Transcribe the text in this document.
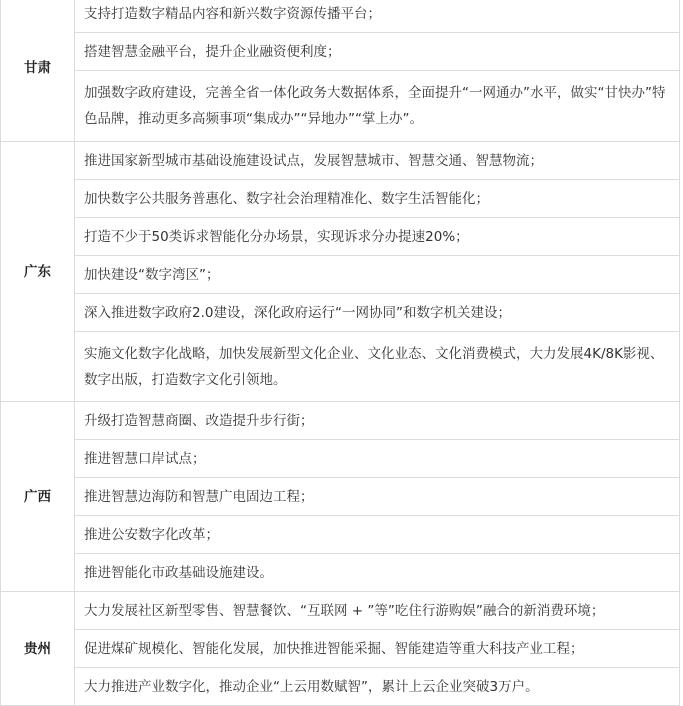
甘肃	支持打造数字精品内容和新兴数字资源传播平台；
	搭建智慧金融平台，提升企业融资便利度；
	加强数字政府建设，完善全省一体化政务大数据体系，全面提升“一网通办”水平，做实“甘快办”特色品牌，推动更多高频事项“集成办”“异地办”“掌上办”。
广东	推进国家新型城市基础设施建设试点，发展智慧城市、智慧交通、智慧物流；
	加快数字公共服务普惠化、数字社会治理精准化、数字生活智能化；
	打造不少于50类诉求智能化分办场景，实现诉求分办提速20%；
	加快建设“数字湾区”；
	深入推进数字政府2.0建设，深化政府运行“一网协同”和数字机关建设；
	实施文化数字化战略，加快发展新型文化企业、文化业态、文化消费模式，大力发展4K/8K影视、数字出版，打造数字文化引领地。
广西	升级打造智慧商圈、改造提升步行街；
	推进智慧口岸试点；
	推进智慧边海防和智慧广电固边工程；
	推进公安数字化改革；
	推进智能化市政基础设施建设。
贵州	大力发展社区新型零售、智慧餐饮、“互联网 + ”等”吃住行游购娱”融合的新消费环境；
	促进煤矿规模化、智能化发展，加快推进智能采掘、智能建造等重大科技产业工程；
	大力推进产业数字化，推动企业“上云用数赋智”，累计上云企业突破3万户。
